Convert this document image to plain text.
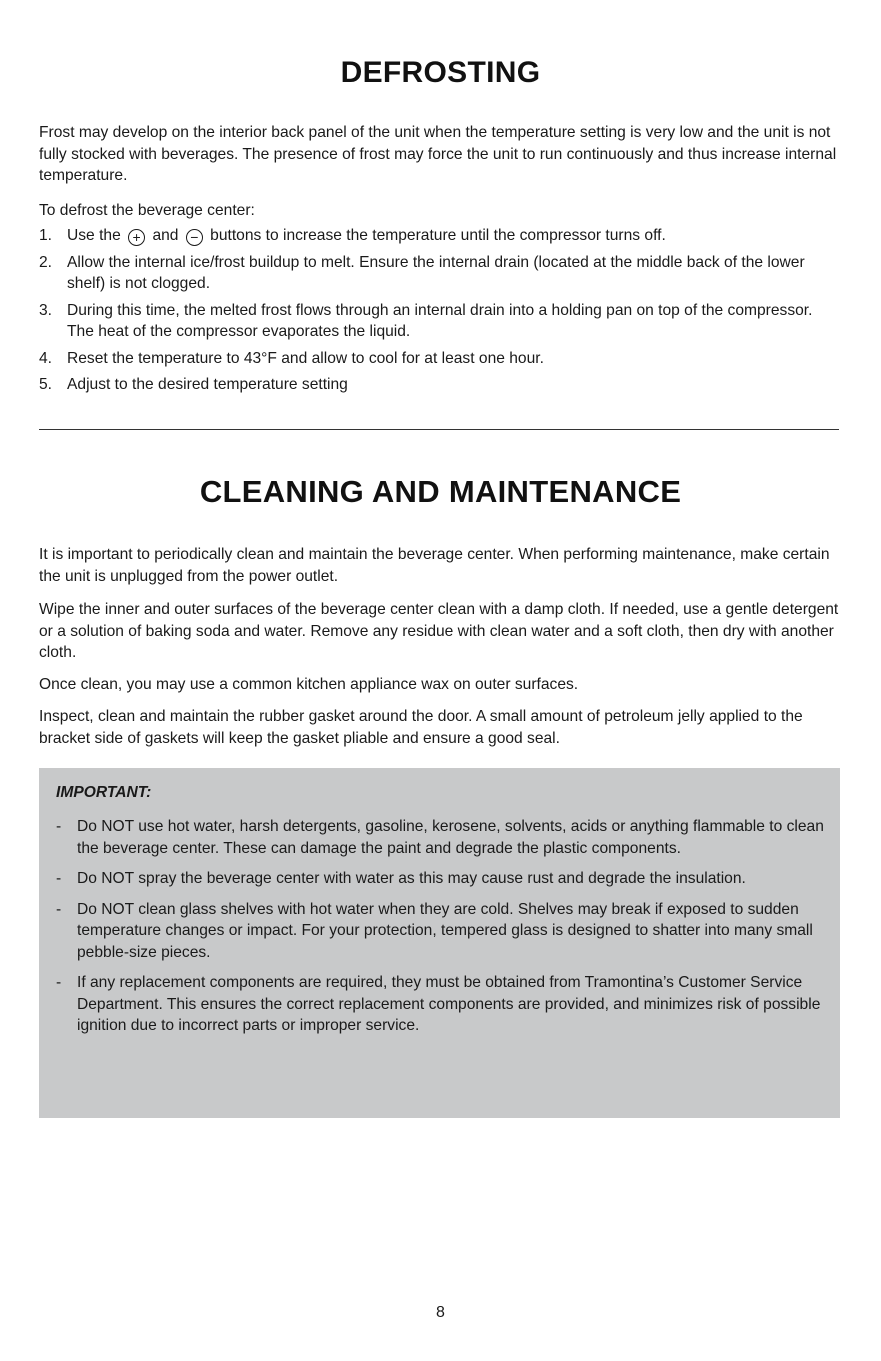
DEFROSTING

Frost may develop on the interior back panel of the unit when the temperature setting is very low and the unit is not fully stocked with beverages. The presence of frost may force the unit to run continuously and thus increase internal temperature.

To defrost the beverage center:

1. Use the + and − buttons to increase the temperature until the compressor turns off.
2. Allow the internal ice/frost buildup to melt. Ensure the internal drain (located at the middle back of the lower shelf) is not clogged.
3. During this time, the melted frost flows through an internal drain into a holding pan on top of the compressor. The heat of the compressor evaporates the liquid.
4. Reset the temperature to 43°F and allow to cool for at least one hour.
5. Adjust to the desired temperature setting
CLEANING AND MAINTENANCE

It is important to periodically clean and maintain the beverage center. When performing maintenance, make certain the unit is unplugged from the power outlet.

Wipe the inner and outer surfaces of the beverage center clean with a damp cloth. If needed, use a gentle detergent or a solution of baking soda and water. Remove any residue with clean water and a soft cloth, then dry with another cloth.

Once clean, you may use a common kitchen appliance wax on outer surfaces.

Inspect, clean and maintain the rubber gasket around the door. A small amount of petroleum jelly applied to the bracket side of gaskets will keep the gasket pliable and ensure a good seal.

IMPORTANT:
- Do NOT use hot water, harsh detergents, gasoline, kerosene, solvents, acids or anything flammable to clean the beverage center. These can damage the paint and degrade the plastic components.
- Do NOT spray the beverage center with water as this may cause rust and degrade the insulation.
- Do NOT clean glass shelves with hot water when they are cold. Shelves may break if exposed to sudden temperature changes or impact. For your protection, tempered glass is designed to shatter into many small pebble-size pieces.
- If any replacement components are required, they must be obtained from Tramontina’s Customer Service Department. This ensures the correct replacement components are provided, and minimizes risk of possible ignition due to incorrect parts or improper service.
8
